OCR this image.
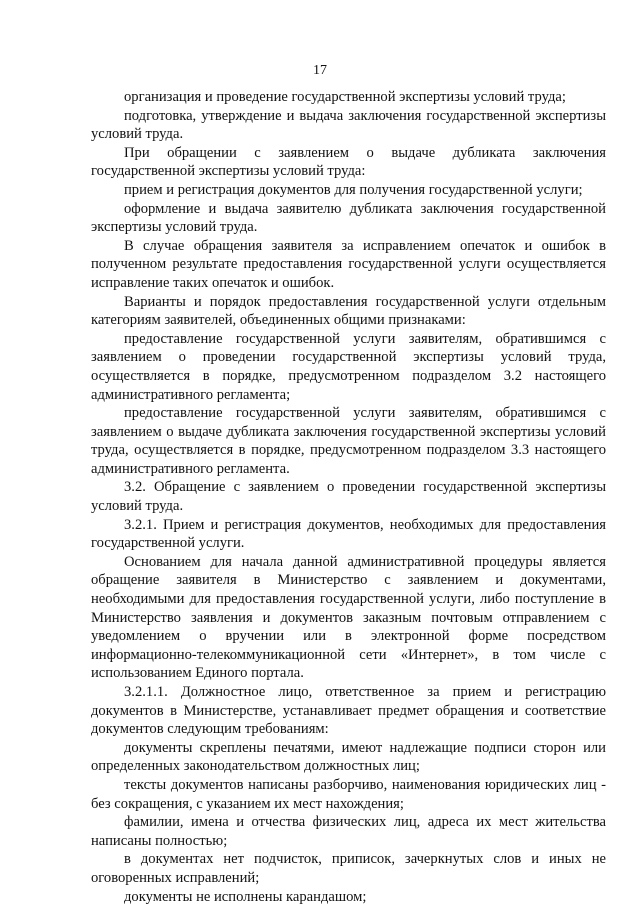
17

организация и проведение государственной экспертизы условий труда;

подготовка, утверждение и выдача заключения государственной экспертизы условий труда.

При обращении с заявлением о выдаче дубликата заключения государственной экспертизы условий труда:

прием и регистрация документов для получения государственной услуги;

оформление и выдача заявителю дубликата заключения государственной экспертизы условий труда.

В случае обращения заявителя за исправлением опечаток и ошибок в полученном результате предоставления государственной услуги осуществляется исправление таких опечаток и ошибок.

Варианты и порядок предоставления государственной услуги отдельным категориям заявителей, объединенных общими признаками:

предоставление государственной услуги заявителям, обратившимся с заявлением о проведении государственной экспертизы условий труда, осуществляется в порядке, предусмотренном подразделом 3.2 настоящего административного регламента;

предоставление государственной услуги заявителям, обратившимся с заявлением о выдаче дубликата заключения государственной экспертизы условий труда, осуществляется в порядке, предусмотренном подразделом 3.3 настоящего административного регламента.

3.2. Обращение с заявлением о проведении государственной экспертизы условий труда.

3.2.1. Прием и регистрация документов, необходимых для предоставления государственной услуги.

Основанием для начала данной административной процедуры является обращение заявителя в Министерство с заявлением и документами, необходимыми для предоставления государственной услуги, либо поступление в Министерство заявления и документов заказным почтовым отправлением с уведомлением о вручении или в электронной форме посредством информационно-телекоммуникационной сети «Интернет», в том числе с использованием Единого портала.

3.2.1.1. Должностное лицо, ответственное за прием и регистрацию документов в Министерстве, устанавливает предмет обращения и соответствие документов следующим требованиям:

документы скреплены печатями, имеют надлежащие подписи сторон или определенных законодательством должностных лиц;

тексты документов написаны разборчиво, наименования юридических лиц - без сокращения, с указанием их мест нахождения;

фамилии, имена и отчества физических лиц, адреса их мест жительства написаны полностью;

в документах нет подчисток, приписок, зачеркнутых слов и иных не оговоренных исправлений;

документы не исполнены карандашом;
